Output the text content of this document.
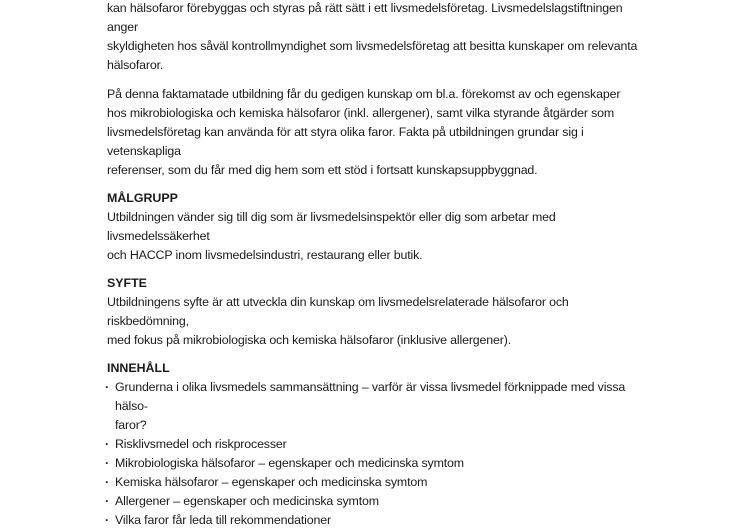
kan hälsofaror förebyggas och styras på rätt sätt i ett livsmedelsföretag. Livsmedelslagstiftningen anger
skyldigheten hos såväl kontrollmyndighet som livsmedelsföretag att besitta kunskaper om relevanta
hälsofaror.

På denna faktamatade utbildning får du gedigen kunskap om bl.a. förekomst av och egenskaper
hos mikrobiologiska och kemiska hälsofaror (inkl. allergener), samt vilka styrande åtgärder som
livsmedelsföretag kan använda för att styra olika faror. Fakta på utbildningen grundar sig i vetenskapliga
referenser, som du får med dig hem som ett stöd i fortsatt kunskapsuppbyggnad.

MÅLGRUPP

Utbildningen vänder sig till dig som är livsmedelsinspektör eller dig som arbetar med livsmedelssäkerhet
och HACCP inom livsmedelsindustri, restaurang eller butik.

SYFTE

Utbildningens syfte är att utveckla din kunskap om livsmedelsrelaterade hälsofaror och riskbedömning,
med fokus på mikrobiologiska och kemiska hälsofaror (inklusive allergener).

INNEHÅLL

· Grunderna i olika livsmedels sammansättning – varför är vissa livsmedel förknippade med vissa hälso-
faror?
· Risklivsmedel och riskprocesser
· Mikrobiologiska hälsofaror – egenskaper och medicinska symtom
· Kemiska hälsofaror – egenskaper och medicinska symtom
· Allergener – egenskaper och medicinska symtom
· Vilka faror får leda till rekommendationer
